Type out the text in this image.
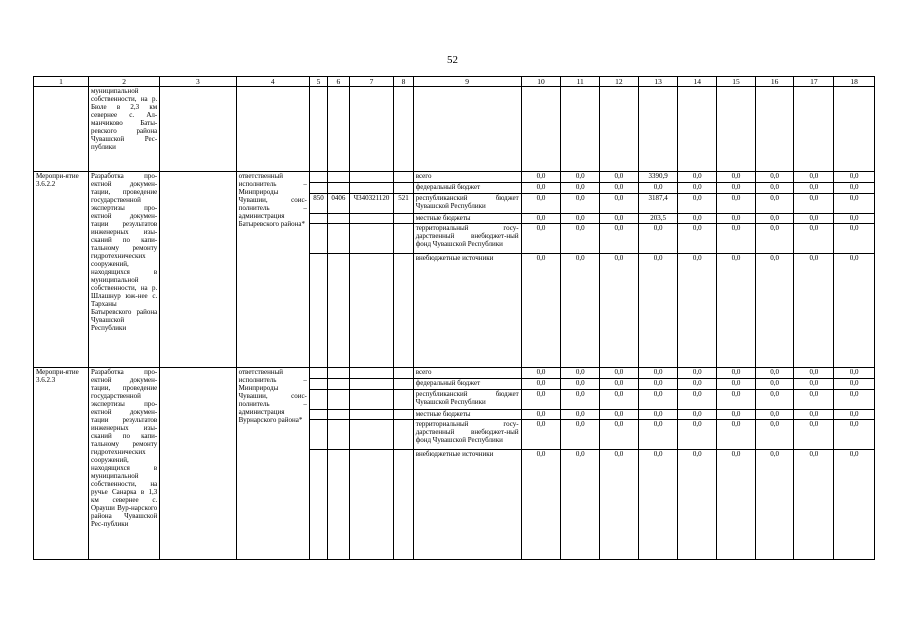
52
1	2	3	4	5	6	7	8	9	10	11	12	13	14	15	16	17	18
	муниципальной собственности, на р. Бюле в 2,3 км севернее с. Ал-манчиково Баты-ревского района Чувашской Рес-публики																
Меропри-ятие 3.6.2.2	Разработка про-ектной докумен-тации, проведение государственной экспертизы про-ектной докумен-тации результатов инженерных изы-сканий по капи-тальному ремонту гидротехнических сооружений, находящихся в муниципальной собственности, на р. Шлашнур юж-нее с. Тарханы Батыревского района Чувашской Республики		ответственный исполнитель – Минприроды Чувашии, соис-полнитель – администрация Батыревского района*					всего	0,0	0,0	0,0	3390,9	0,0	0,0	0,0	0,0	0,0
								федеральный бюджет	0,0	0,0	0,0	0,0	0,0	0,0	0,0	0,0	0,0
				850	0406	Ч340321120	521	республиканский бюджет Чувашской Республики	0,0	0,0	0,0	3187,4	0,0	0,0	0,0	0,0	0,0
								местные бюджеты	0,0	0,0	0,0	203,5	0,0	0,0	0,0	0,0	0,0
								территориальный госу-дарственный внебюджет-ный фонд Чувашской Республики	0,0	0,0	0,0	0,0	0,0	0,0	0,0	0,0	0,0
								внебюджетные источники	0,0	0,0	0,0	0,0	0,0	0,0	0,0	0,0	0,0
Меропри-ятие 3.6.2.3	Разработка про-ектной докумен-тации, проведение государственной экспертизы про-ектной докумен-тации результатов инженерных изы-сканий по капи-тальному ремонту гидротехнических сооружений, находящихся в муниципальной собственности, на ручье Санарка в 1,3 км севернее с. Орауши Вур-нарского района Чувашской Рес-публики		ответственный исполнитель – Минприроды Чувашии, соис-полнитель – администрация Вурнарского района*					всего	0,0	0,0	0,0	0,0	0,0	0,0	0,0	0,0	0,0
								федеральный бюджет	0,0	0,0	0,0	0,0	0,0	0,0	0,0	0,0	0,0
								республиканский бюджет Чувашской Республики	0,0	0,0	0,0	0,0	0,0	0,0	0,0	0,0	0,0
								местные бюджеты	0,0	0,0	0,0	0,0	0,0	0,0	0,0	0,0	0,0
								территориальный госу-дарственный внебюджет-ный фонд Чувашской Республики	0,0	0,0	0,0	0,0	0,0	0,0	0,0	0,0	0,0
								внебюджетные источники	0,0	0,0	0,0	0,0	0,0	0,0	0,0	0,0	0,0
